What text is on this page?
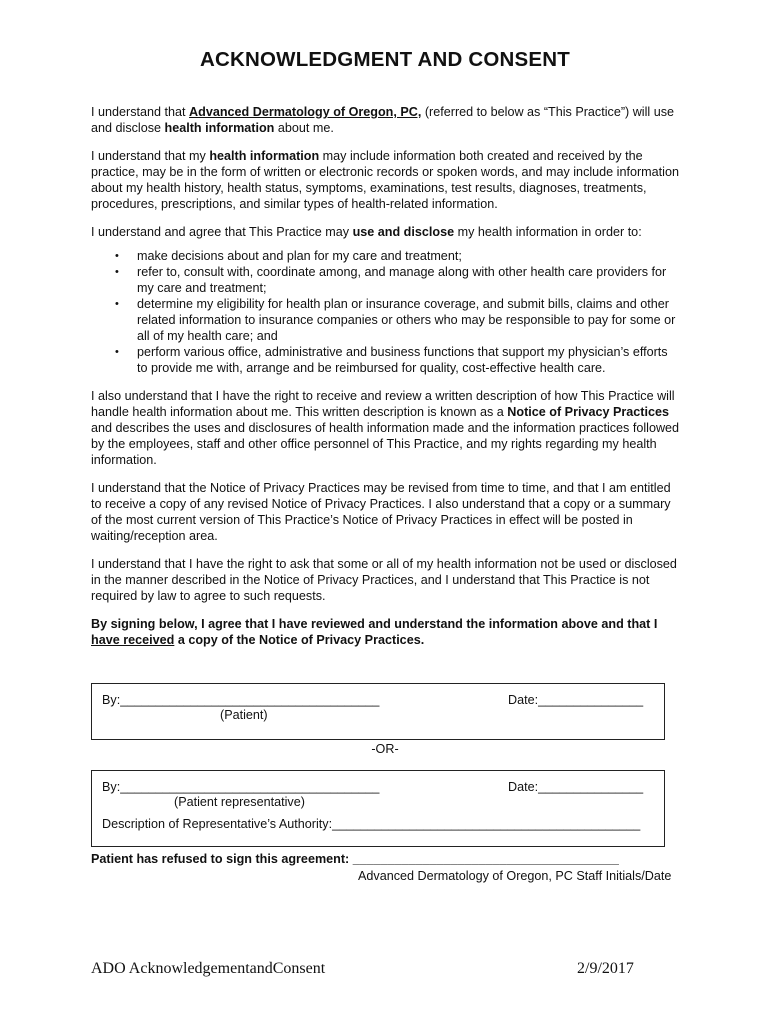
ACKNOWLEDGMENT AND CONSENT

I understand that Advanced Dermatology of Oregon, PC, (referred to below as “This Practice”) will use and disclose health information about me.

I understand that my health information may include information both created and received by the practice, may be in the form of written or electronic records or spoken words, and may include information about my health history, health status, symptoms, examinations, test results, diagnoses, treatments, procedures, prescriptions, and similar types of health-related information.

I understand and agree that This Practice may use and disclose my health information in order to:

• make decisions about and plan for my care and treatment;
• refer to, consult with, coordinate among, and manage along with other health care providers for my care and treatment;
• determine my eligibility for health plan or insurance coverage, and submit bills, claims and other related information to insurance companies or others who may be responsible to pay for some or all of my health care; and
• perform various office, administrative and business functions that support my physician’s efforts to provide me with, arrange and be reimbursed for quality, cost-effective health care.

I also understand that I have the right to receive and review a written description of how This Practice will handle health information about me. This written description is known as a Notice of Privacy Practices and describes the uses and disclosures of health information made and the information practices followed by the employees, staff and other office personnel of This Practice, and my rights regarding my health information.

I understand that the Notice of Privacy Practices may be revised from time to time, and that I am entitled to receive a copy of any revised Notice of Privacy Practices. I also understand that a copy or a summary of the most current version of This Practice’s Notice of Privacy Practices in effect will be posted in waiting/reception area.

I understand that I have the right to ask that some or all of my health information not be used or disclosed in the manner described in the Notice of Privacy Practices, and I understand that This Practice is not required by law to agree to such requests.

By signing below, I agree that I have reviewed and understand the information above and that I have received a copy of the Notice of Privacy Practices.

By:_____________________________________
(Patient)
Date:_______________
-OR-
By:_____________________________________
(Patient representative)
Date:_______________
Description of Representative’s Authority:____________________________________________
Patient has refused to sign this agreement: ______________________________________
Advanced Dermatology of Oregon, PC Staff Initials/Date
ADO AcknowledgementandConsent	2/9/2017
